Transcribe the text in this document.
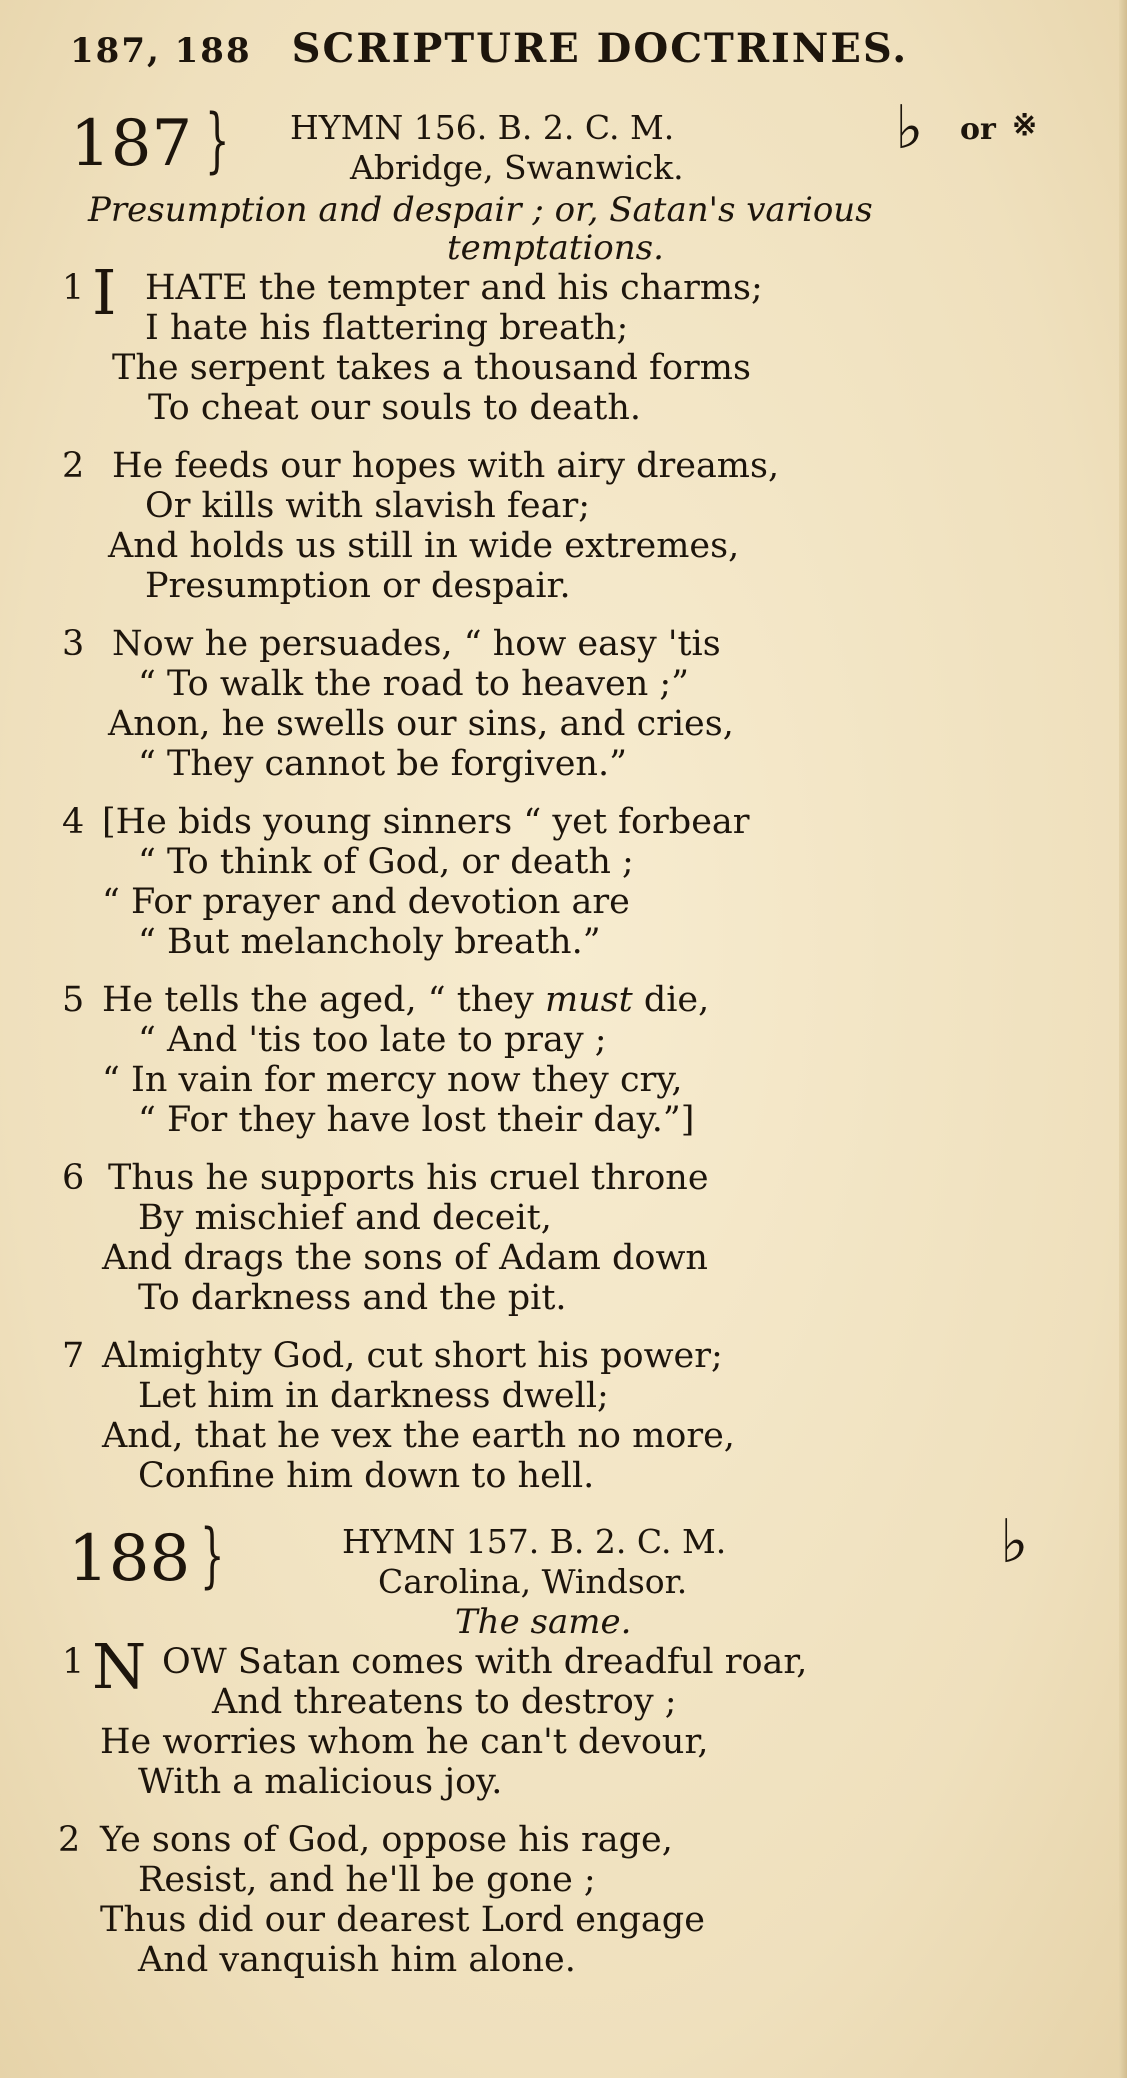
187, 188 SCRIPTURE DOCTRINES.
187 } HYMN 156. B. 2. C. M.
Abridge, Swanwick.
♭ or ※
Presumption and despair ; or, Satan's various
temptations.
1 I HATE the tempter and his charms;
I hate his flattering breath;
The serpent takes a thousand forms
To cheat our souls to death.
2 He feeds our hopes with airy dreams,
Or kills with slavish fear;
And holds us still in wide extremes,
Presumption or despair.
3 Now he persuades, “ how easy 'tis
“ To walk the road to heaven ;”
Anon, he swells our sins, and cries,
“ They cannot be forgiven.”
4 [He bids young sinners “ yet forbear
“ To think of God, or death ;
“ For prayer and devotion are
“ But melancholy breath.”
5 He tells the aged, “ they must die,
“ And 'tis too late to pray ;
“ In vain for mercy now they cry,
“ For they have lost their day.”]
6 Thus he supports his cruel throne
By mischief and deceit,
And drags the sons of Adam down
To darkness and the pit.
7 Almighty God, cut short his power;
Let him in darkness dwell;
And, that he vex the earth no more,
Confine him down to hell.
188 }	HYMN 157. B. 2. C. M.
Carolina, Windsor.
♭
The same.
1 N OW Satan comes with dreadful roar,
And threatens to destroy ;
He worries whom he can't devour,
With a malicious joy.
2 Ye sons of God, oppose his rage,
Resist, and he'll be gone ;
Thus did our dearest Lord engage
And vanquish him alone.
